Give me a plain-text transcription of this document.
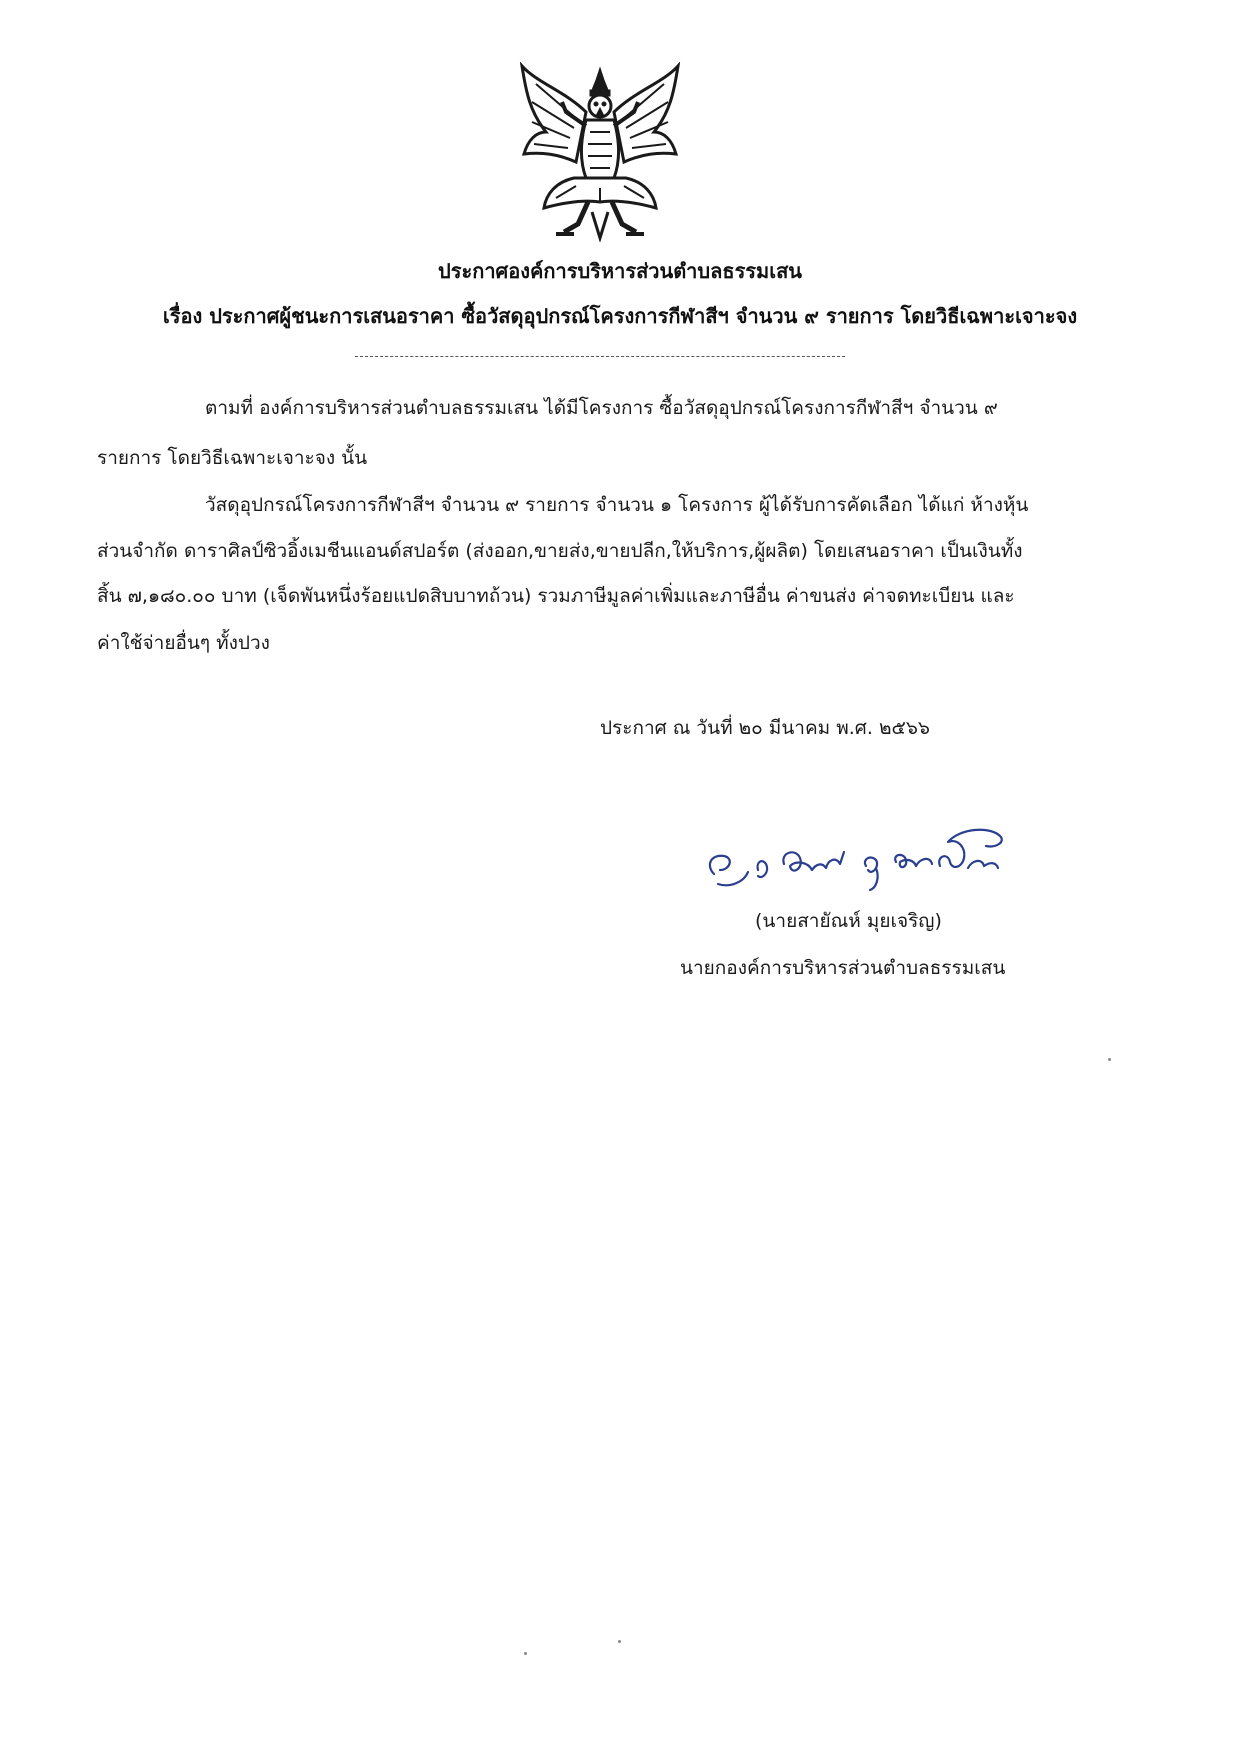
ประกาศองค์การบริหารส่วนตำบลธรรมเสน
เรื่อง ประกาศผู้ชนะการเสนอราคา ซื้อวัสดุอุปกรณ์โครงการกีฬาสีฯ จำนวน ๙ รายการ โดยวิธีเฉพาะเจาะจง
ตามที่ องค์การบริหารส่วนตำบลธรรมเสน ได้มีโครงการ ซื้อวัสดุอุปกรณ์โครงการกีฬาสีฯ จำนวน ๙
รายการ โดยวิธีเฉพาะเจาะจง นั้น
วัสดุอุปกรณ์โครงการกีฬาสีฯ จำนวน ๙ รายการ จำนวน ๑ โครงการ ผู้ได้รับการคัดเลือก ได้แก่ ห้างหุ้น
ส่วนจำกัด ดาราศิลป์ซิวอิ้งเมชีนแอนด์สปอร์ต (ส่งออก,ขายส่ง,ขายปลีก,ให้บริการ,ผู้ผลิต) โดยเสนอราคา เป็นเงินทั้ง
สิ้น ๗,๑๘๐.๐๐ บาท (เจ็ดพันหนึ่งร้อยแปดสิบบาทถ้วน) รวมภาษีมูลค่าเพิ่มและภาษีอื่น ค่าขนส่ง ค่าจดทะเบียน และ
ค่าใช้จ่ายอื่นๆ ทั้งปวง
ประกาศ ณ วันที่ ๒๐ มีนาคม พ.ศ. ๒๕๖๖
(นายสายัณห์ มุยเจริญ)
นายกองค์การบริหารส่วนตำบลธรรมเสน
